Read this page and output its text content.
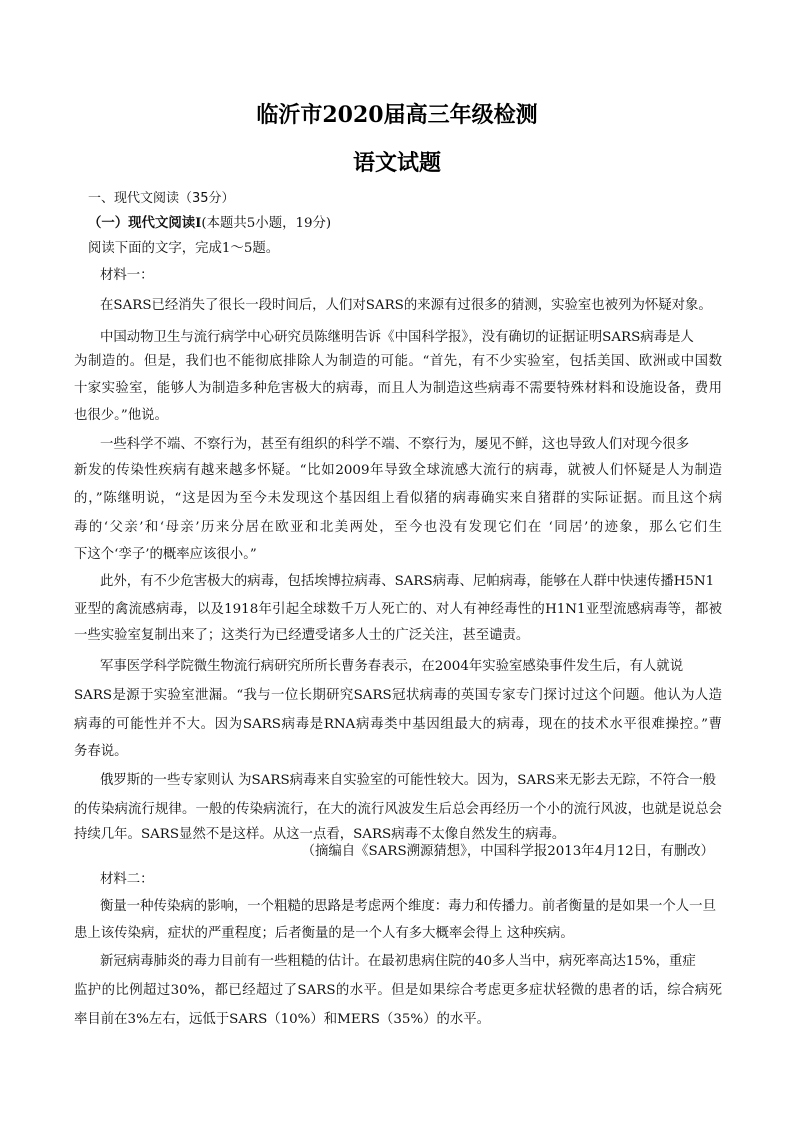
临沂市2020届高三年级检测
语文试题
一、现代文阅读（35分）
（一）现代文阅读Ⅰ(本题共5小题，19分)
阅读下面的文字，完成1～5题。
材料一：
在SARS已经消失了很长一段时间后，人们对SARS的来源有过很多的猜测，实验室也被列为怀疑对象。
中国动物卫生与流行病学中心研究员陈继明告诉《中国科学报》，没有确切的证据证明SARS病毒是人
为制造的。但是，我们也不能彻底排除人为制造的可能。“首先，有不少实验室，包括美国、欧洲或中国数
十家实验室，能够人为制造多种危害极大的病毒，而且人为制造这些病毒不需要特殊材料和设施设备，费用
也很少。”他说。
一些科学不端、不察行为，甚至有组织的科学不端、不察行为，屡见不鲜，这也导致人们对现今很多
新发的传染性疾病有越来越多怀疑。“比如2009年导致全球流感大流行的病毒，就被人们怀疑是人为制造
的，”陈继明说，“这是因为至今未发现这个基因组上看似猪的病毒确实来自猪群的实际证据。而且这个病
毒的‘父亲’和‘母亲’历来分居在欧亚和北美两处，至今也没有发现它们在 ‘同居’的迹象，那么它们生
下这个‘孪子’的概率应该很小。”
此外，有不少危害极大的病毒，包括埃博拉病毒、SARS病毒、尼帕病毒，能够在人群中快速传播H5N1
亚型的禽流感病毒，以及1918年引起全球数千万人死亡的、对人有神经毒性的H1N1亚型流感病毒等，都被
一些实验室复制出来了；这类行为已经遭受诸多人士的广泛关注，甚至谴责。
军事医学科学院微生物流行病研究所所长曹务春表示，在2004年实验室感染事件发生后，有人就说
SARS是源于实验室泄漏。“我与一位长期研究SARS冠状病毒的英国专家专门探讨过这个问题。他认为人造
病毒的可能性并不大。因为SARS病毒是RNA病毒类中基因组最大的病毒，现在的技术水平很难操控。”曹
务春说。
俄罗斯的一些专家则认 为SARS病毒来自实验室的可能性较大。因为，SARS来无影去无踪，不符合一般
的传染病流行规律。一般的传染病流行，在大的流行风波发生后总会再经历一个小的流行风波，也就是说总会
持续几年。SARS显然不是这样。从这一点看，SARS病毒不太像自然发生的病毒。
（摘编自《SARS溯源猜想》，中国科学报2013年4月12日，有删改）
材料二：
衡量一种传染病的影响，一个粗糙的思路是考虑两个维度：毒力和传播力。前者衡量的是如果一个人一旦
患上该传染病，症状的严重程度；后者衡量的是一个人有多大概率会得上 这种疾病。
新冠病毒肺炎的毒力目前有一些粗糙的估计。在最初患病住院的40多人当中，病死率高达15%，重症
监护的比例超过30%，都已经超过了SARS的水平。但是如果综合考虑更多症状轻微的患者的话，综合病死
率目前在3%左右，远低于SARS（10%）和MERS（35%）的水平。
